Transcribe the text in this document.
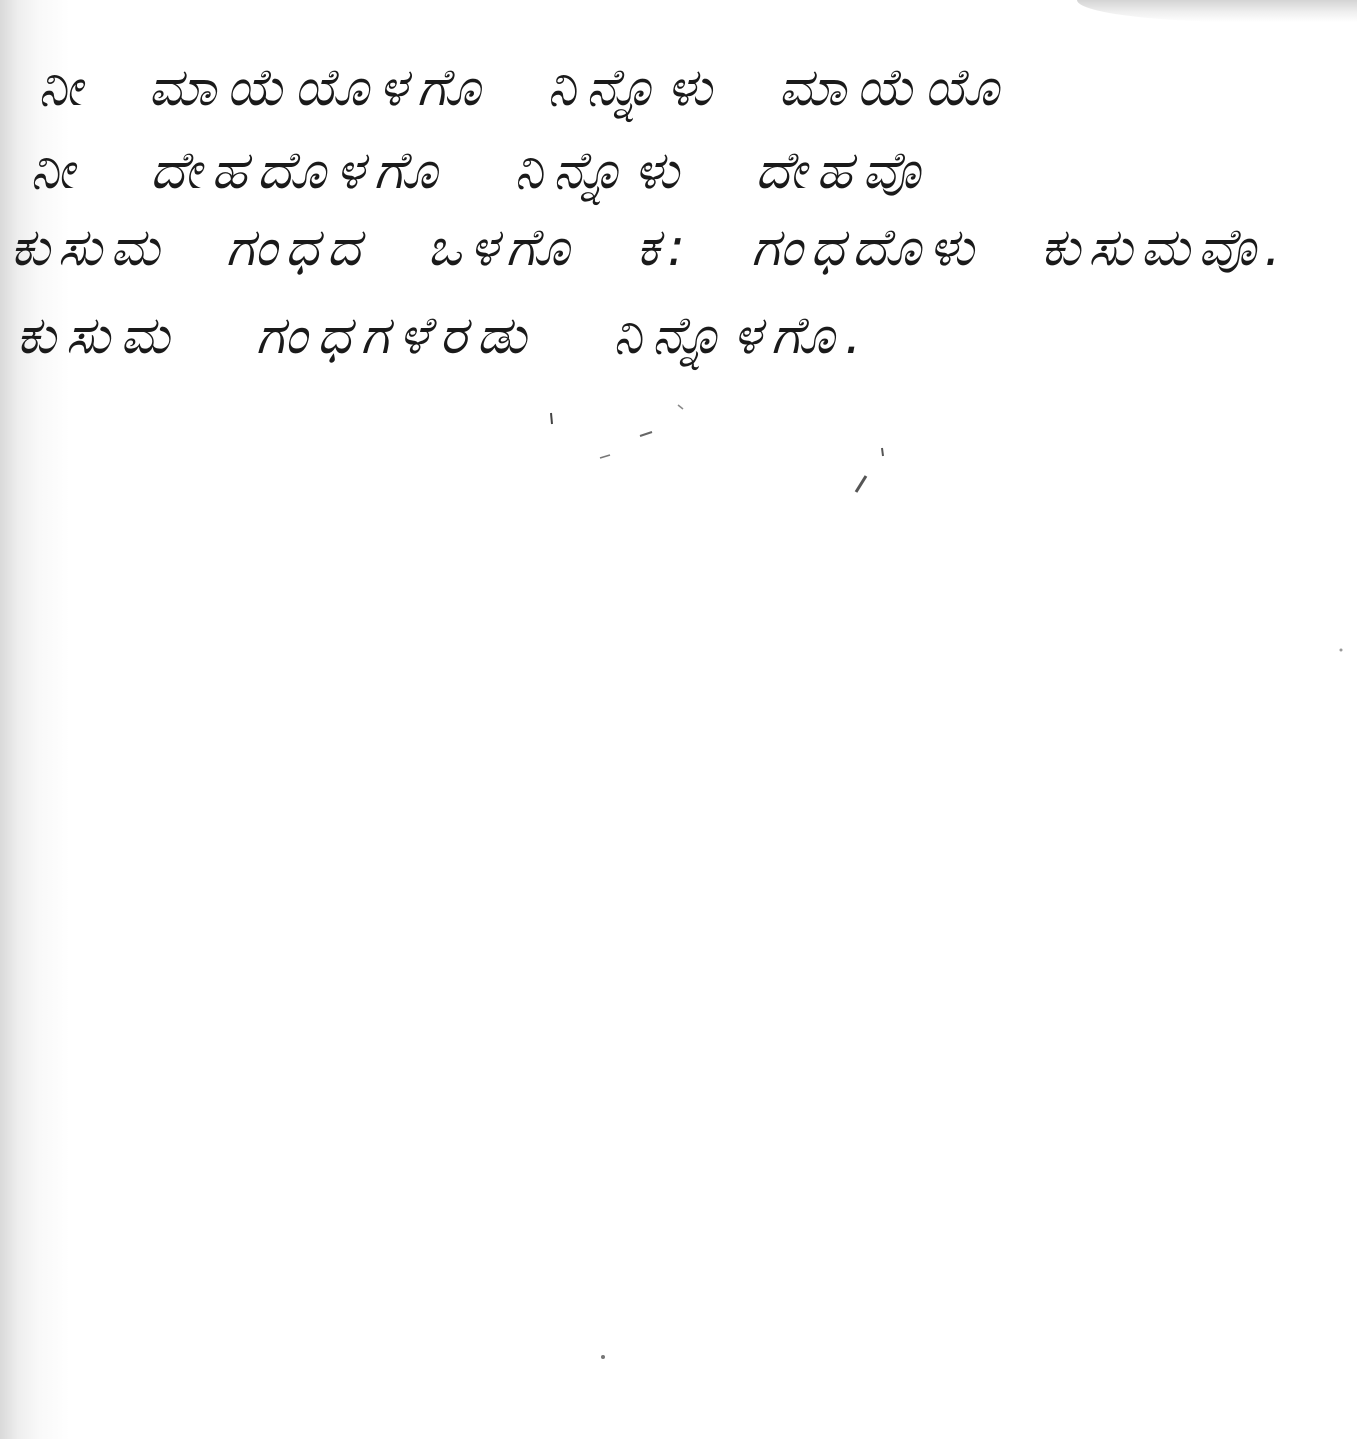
ನೀ ಮಾಯೆಯೊಳಗೊ ನಿನ್ನೊಳು ಮಾಯೆಯೊ
ನೀ ದೇಹದೊಳಗೊ ನಿನ್ನೊಳು ದೇಹವೊ
ಕುಸುಮ ಗಂಧದ ಒಳಗೊ ಕ: ಗಂಧದೊಳು ಕುಸುಮವೊ.
ಕುಸುಮ ಗಂಧಗಳೆರಡು ನಿನ್ನೊಳಗೊ.
